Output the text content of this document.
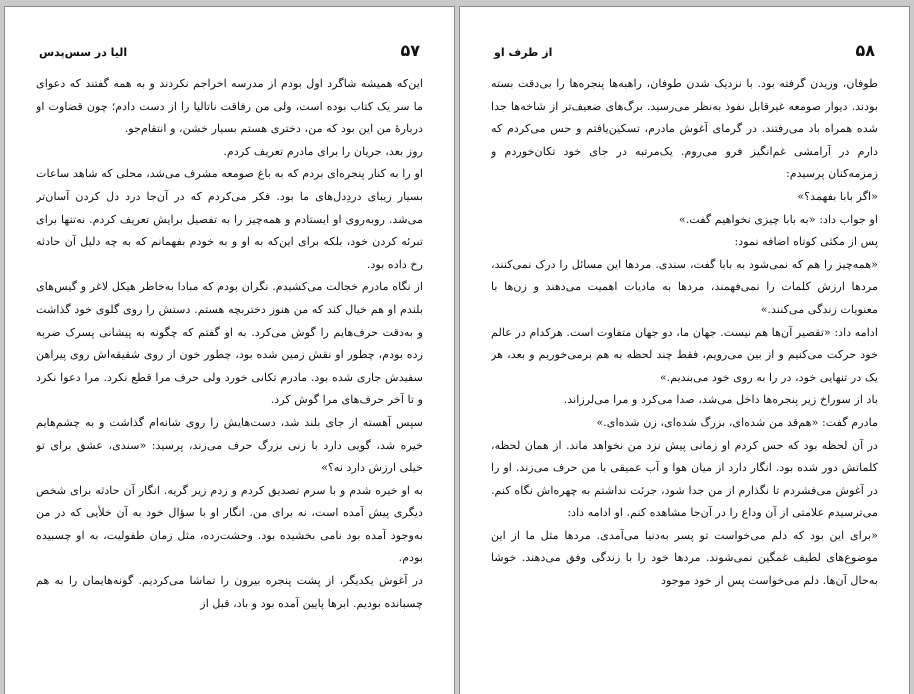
۵۷
الیا در سس‌پدس

این‌که همیشه شاگرد اول بودم از مدرسه اخراجم نکردند و به همه گفتند که دعوای ما سر یک کتاب بوده است، ولی من رفاقت ناتالیا را از دست دادم؛ چون قضاوت او دربارهٔ من این بود که من، دختری هستم بسیار خشن، و انتقام‌جو.

روز بعد، جریان را برای مادرم تعریف کردم.

او را به کنار پنجره‌ای بردم که به باغ صومعه مشرف می‌شد، محلی که شاهد ساعات بسیار زیبای دردِدل‌های ما بود. فکر می‌کردم که در آن‌جا درد دل کردن آسان‌تر می‌شد. روبه‌روی او ایستادم و همه‌چیز را به تفصیل برایش تعریف کردم. نه‌تنها برای تبرئه کردن خود، بلکه برای این‌که به او و به خودم بفهمانم که به چه دلیل آن حادثه رخ داده بود.

از نگاه مادرم خجالت می‌کشیدم. نگران بودم که مبادا به‌خاطر هیکل لاغر و گیس‌های بلندم او هم خیال کند که من هنوز دختربچه هستم. دستش را روی گلوی خود گذاشت و به‌دقت حرف‌هایم را گوش می‌کرد. به او گفتم که چگونه به پیشانی پسرک ضربه زده بودم، چطور او نقش زمین شده بود، چطور خون از روی شقیقه‌اش روی پیراهن سفیدش جاری شده بود. مادرم تکانی خورد ولی حرف مرا قطع نکرد. مرا دعوا نکرد و تا آخر حرف‌های مرا گوش کرد.

سپس آهسته از جای بلند شد، دست‌هایش را روی شانه‌ام گذاشت و به چشم‌هایم خیره شد، گویی دارد با زنی بزرگ حرف می‌زند، پرسید: «سندی، عشق برای تو خیلی ارزش دارد نه؟»

به او خیره شدم و با سرم تصدیق کردم و زدم زیر گریه. انگار آن حادثه برای شخص دیگری پیش آمده است، نه برای من. انگار او با سؤال خود به آن خلأیی که در من به‌وجود آمده بود نامی بخشیده بود. وحشت‌زده، مثل زمان طفولیت، به او چسبیده بودم.

در آغوش یکدیگر، از پشت پنجره بیرون را تماشا می‌کردیم. گونه‌هایمان را به هم چسبانده بودیم. ابرها پایین آمده بود و باد، قبل از

۵۸
از طرف او

طوفان، وزیدن گرفته بود. با نزدیک شدن طوفان، راهبه‌ها پنجره‌ها را بی‌دقت بسته بودند. دیوار صومعه غیرقابل نفوذ به‌نظر می‌رسید. برگ‌های ضعیف‌تر از شاخه‌ها جدا شده همراه باد می‌رفتند. در گرمای آغوش مادرم، تسکین‌یافتم و حس می‌کردم که دارم در آرامشی غم‌انگیز فرو می‌روم. یک‌مرتبه در جای خود تکان‌خوردم و زمزمه‌کنان پرسیدم:

«اگر بابا بفهمد؟»

او جواب داد: «به بابا چیزی نخواهیم گفت.»

پس از مکثی کوتاه اضافه نمود:

«همه‌چیز را هم که نمی‌شود به بابا گفت، سندی. مردها این مسائل را درک نمی‌کنند، مردها ارزش کلمات را نمی‌فهمند، مردها به مادیات اهمیت می‌دهند و زن‌ها با معنویات زندگی می‌کنند.»

ادامه داد: «تقصیر آن‌ها هم نیست. جهان ما، دو جهان متفاوت است. هرکدام در عالم خود حرکت می‌کنیم و از بین می‌رویم، فقط چند لحظه به هم برمی‌خوریم و بعد، هر یک در تنهایی خود، در را به روی خود می‌بندیم.»

باد از سوراخ زیر پنجره‌ها داخل می‌شد، صدا می‌کرد و مرا می‌لرزاند.

مادرم گفت: «هم‌قد من شده‌ای، بزرگ شده‌ای، زن شده‌ای.»

در آن لحظه بود که حس کردم او زمانی پیش نزد من نخواهد ماند. از همان لحظه، کلماتش دور شده بود. انگار دارد از میان هوا و آب عمیقی با من حرف می‌زند. او را در آغوش می‌فشردم تا نگذارم از من جدا شود، جرئت نداشتم به چهره‌اش نگاه کنم. می‌ترسیدم علامتی از آن وداع را در آن‌جا مشاهده کنم. او ادامه داد:

«برای این بود که دلم می‌خواست تو پسر به‌دنیا می‌آمدی. مردها مثل ما از این موضوع‌های لطیف غمگین نمی‌شوند. مردها خود را با زندگی وفق می‌دهند. خوشا به‌حال آن‌ها. دلم می‌خواست پس از خود موجود
